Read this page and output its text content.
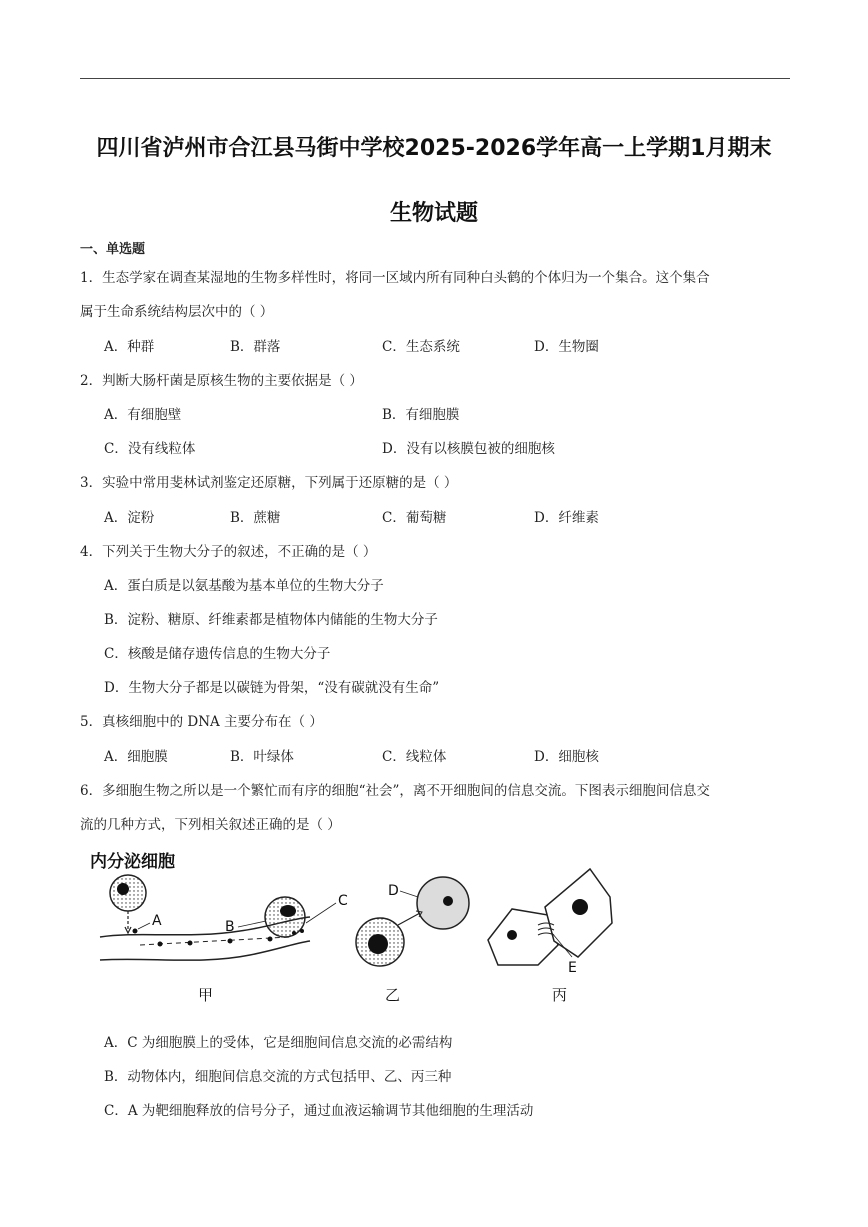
四川省泸州市合江县马街中学校2025-2026学年高一上学期1月期末
生物试题
一、单选题
1．生态学家在调查某湿地的生物多样性时，将同一区域内所有同种白头鹤的个体归为一个集合。这个集合
属于生命系统结构层次中的（ ）
A．种群	B．群落	C．生态系统	D．生物圈
2．判断大肠杆菌是原核生物的主要依据是（ ）
A．有细胞壁	B．有细胞膜
C．没有线粒体	D．没有以核膜包被的细胞核
3．实验中常用斐林试剂鉴定还原糖，下列属于还原糖的是（ ）
A．淀粉	B．蔗糖	C．葡萄糖	D．纤维素
4．下列关于生物大分子的叙述，不正确的是（ ）
A．蛋白质是以氨基酸为基本单位的生物大分子
B．淀粉、糖原、纤维素都是植物体内储能的生物大分子
C．核酸是储存遗传信息的生物大分子
D．生物大分子都是以碳链为骨架，“没有碳就没有生命”
5．真核细胞中的 DNA 主要分布在（ ）
A．细胞膜	B．叶绿体	C．线粒体	D．细胞核
6．多细胞生物之所以是一个繁忙而有序的细胞“社会”，离不开细胞间的信息交流。下图表示细胞间信息交
流的几种方式，下列相关叙述正确的是（ ）
内分泌细胞
A	B
C
甲
D
乙
E
丙
A．C 为细胞膜上的受体，它是细胞间信息交流的必需结构
B．动物体内，细胞间信息交流的方式包括甲、乙、丙三种
C．A 为靶细胞释放的信号分子，通过血液运输调节其他细胞的生理活动
